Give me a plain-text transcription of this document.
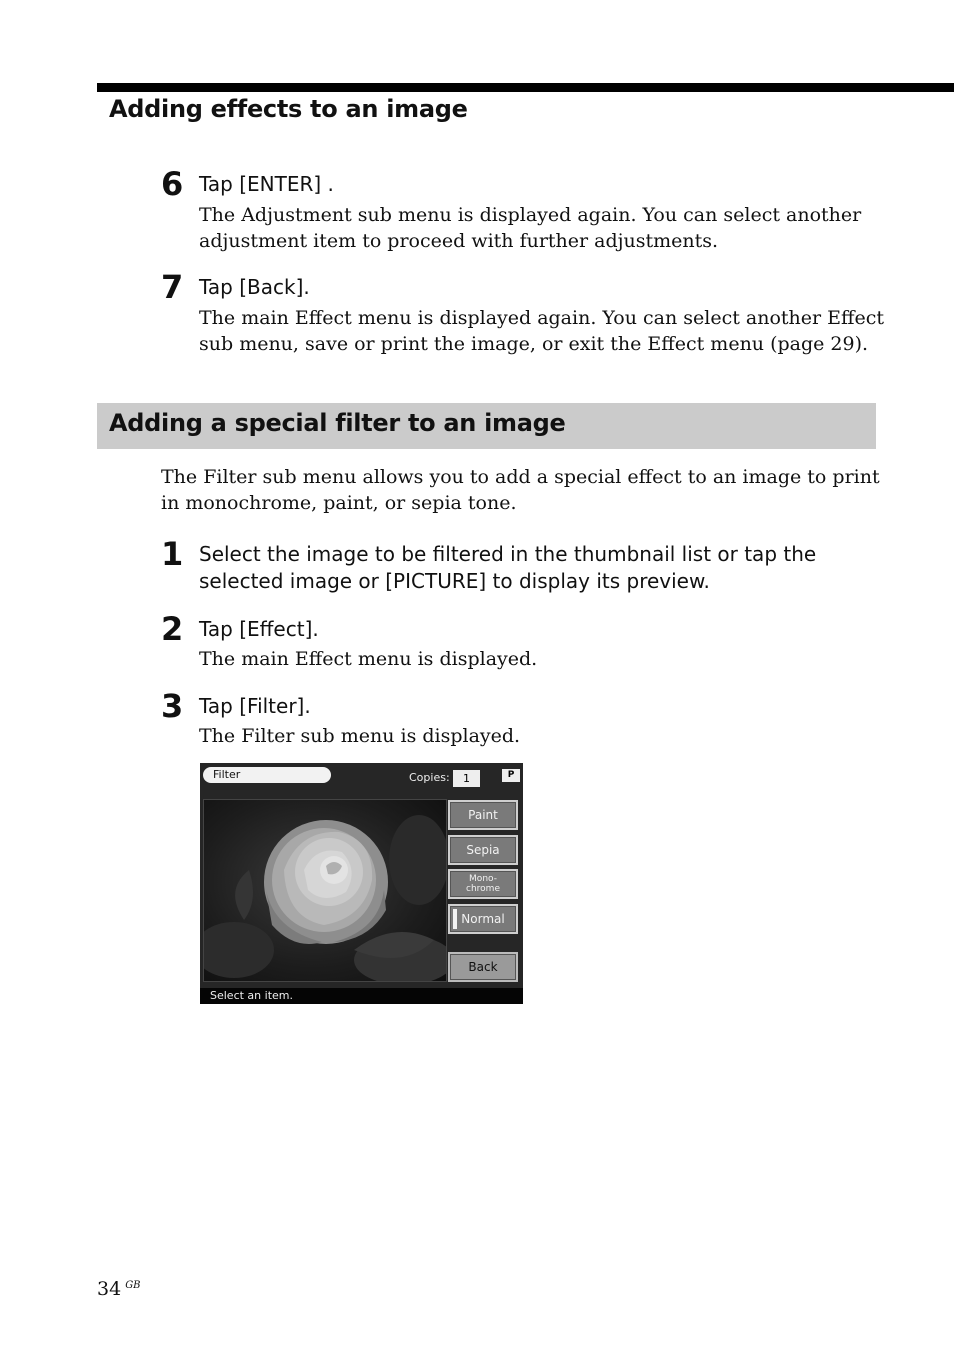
Adding effects to an image
6 Tap [ENTER] .
The Adjustment sub menu is displayed again. You can select another adjustment item to proceed with further adjustments.
7 Tap [Back].
The main Effect menu is displayed again. You can select another Effect sub menu, save or print the image, or exit the Effect menu (page 29).
Adding a special filter to an image
The Filter sub menu allows you to add a special effect to an image to print in monochrome, paint, or sepia tone.
1 Select the image to be filtered in the thumbnail list or tap the selected image or [PICTURE] to display its preview.
2 Tap [Effect].
The main Effect menu is displayed.
3 Tap [Filter].
The Filter sub menu is displayed.
Filter	Copies:	1	P
Paint
Sepia
Mono-
chrome
Normal
Back
Select an item.
34 $^{GB}$
